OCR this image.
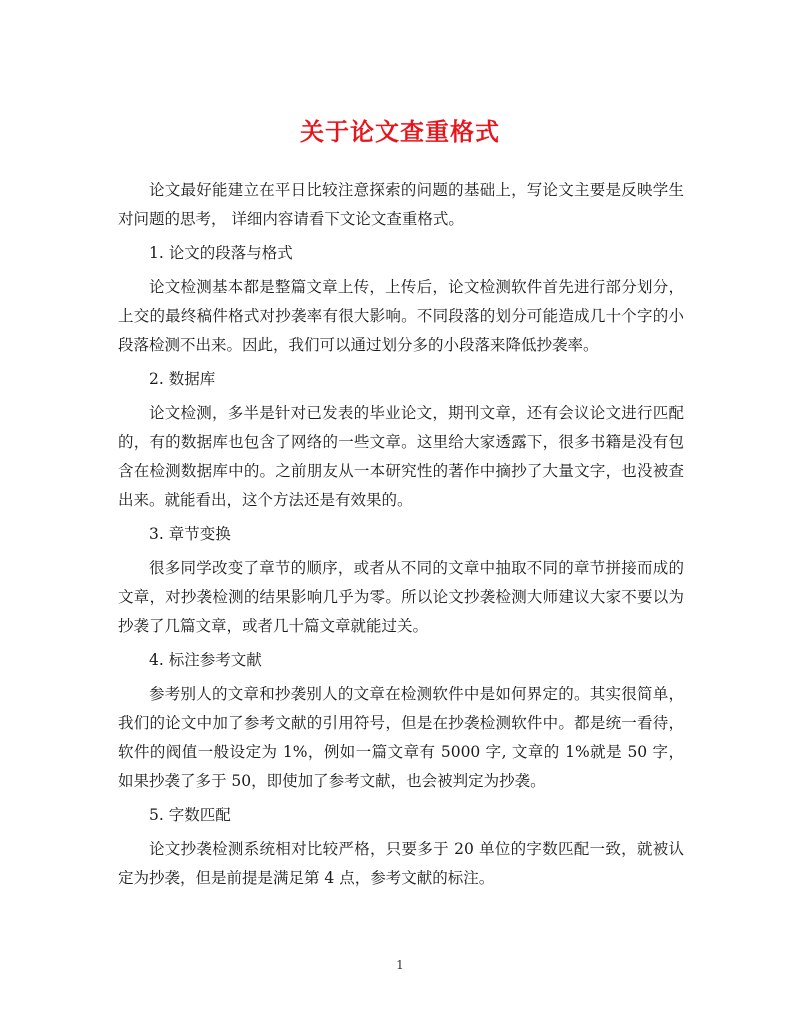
关于论文查重格式

论文最好能建立在平日比较注意探索的问题的基础上，写论文主要是反映学生对问题的思考， 详细内容请看下文论文查重格式。

1. 论文的段落与格式

论文检测基本都是整篇文章上传，上传后，论文检测软件首先进行部分划分，上交的最终稿件格式对抄袭率有很大影响。不同段落的划分可能造成几十个字的小段落检测不出来。因此，我们可以通过划分多的小段落来降低抄袭率。

2. 数据库

论文检测，多半是针对已发表的毕业论文，期刊文章，还有会议论文进行匹配的，有的数据库也包含了网络的一些文章。这里给大家透露下，很多书籍是没有包含在检测数据库中的。之前朋友从一本研究性的著作中摘抄了大量文字，也没被查出来。就能看出，这个方法还是有效果的。

3. 章节变换

很多同学改变了章节的顺序，或者从不同的文章中抽取不同的章节拼接而成的文章，对抄袭检测的结果影响几乎为零。所以论文抄袭检测大师建议大家不要以为抄袭了几篇文章，或者几十篇文章就能过关。

4. 标注参考文献

参考别人的文章和抄袭别人的文章在检测软件中是如何界定的。其实很简单，我们的论文中加了参考文献的引用符号，但是在抄袭检测软件中。都是统一看待，软件的阀值一般设定为 1%，例如一篇文章有 5000 字, 文章的 1%就是 50 字，如果抄袭了多于 50，即使加了参考文献，也会被判定为抄袭。

5. 字数匹配

论文抄袭检测系统相对比较严格，只要多于 20 单位的字数匹配一致，就被认定为抄袭，但是前提是满足第 4 点，参考文献的标注。

1
